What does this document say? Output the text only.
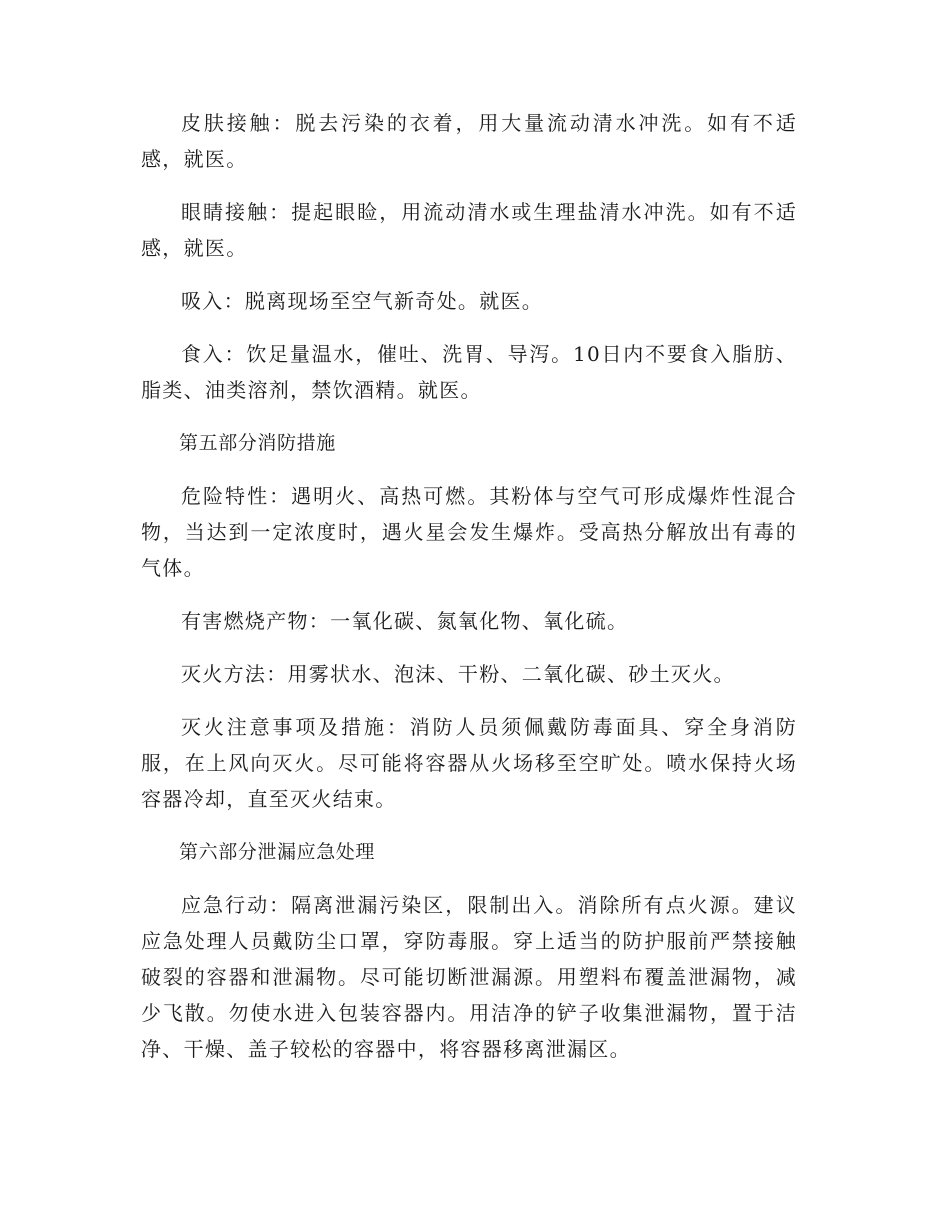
皮肤接触：脱去污染的衣着，用大量流动清水冲洗。如有不适感，就医。

眼睛接触：提起眼睑，用流动清水或生理盐清水冲洗。如有不适感，就医。

吸入：脱离现场至空气新奇处。就医。

食入：饮足量温水，催吐、洗胃、导泻。10日内不要食入脂肪、脂类、油类溶剂，禁饮酒精。就医。

第五部分消防措施

危险特性：遇明火、高热可燃。其粉体与空气可形成爆炸性混合物，当达到一定浓度时，遇火星会发生爆炸。受高热分解放出有毒的气体。

有害燃烧产物：一氧化碳、氮氧化物、氧化硫。

灭火方法：用雾状水、泡沫、干粉、二氧化碳、砂土灭火。

灭火注意事项及措施：消防人员须佩戴防毒面具、穿全身消防服，在上风向灭火。尽可能将容器从火场移至空旷处。喷水保持火场容器冷却，直至灭火结束。

第六部分泄漏应急处理

应急行动：隔离泄漏污染区，限制出入。消除所有点火源。建议应急处理人员戴防尘口罩，穿防毒服。穿上适当的防护服前严禁接触破裂的容器和泄漏物。尽可能切断泄漏源。用塑料布覆盖泄漏物，减少飞散。勿使水进入包装容器内。用洁净的铲子收集泄漏物，置于洁净、干燥、盖子较松的容器中，将容器移离泄漏区。
